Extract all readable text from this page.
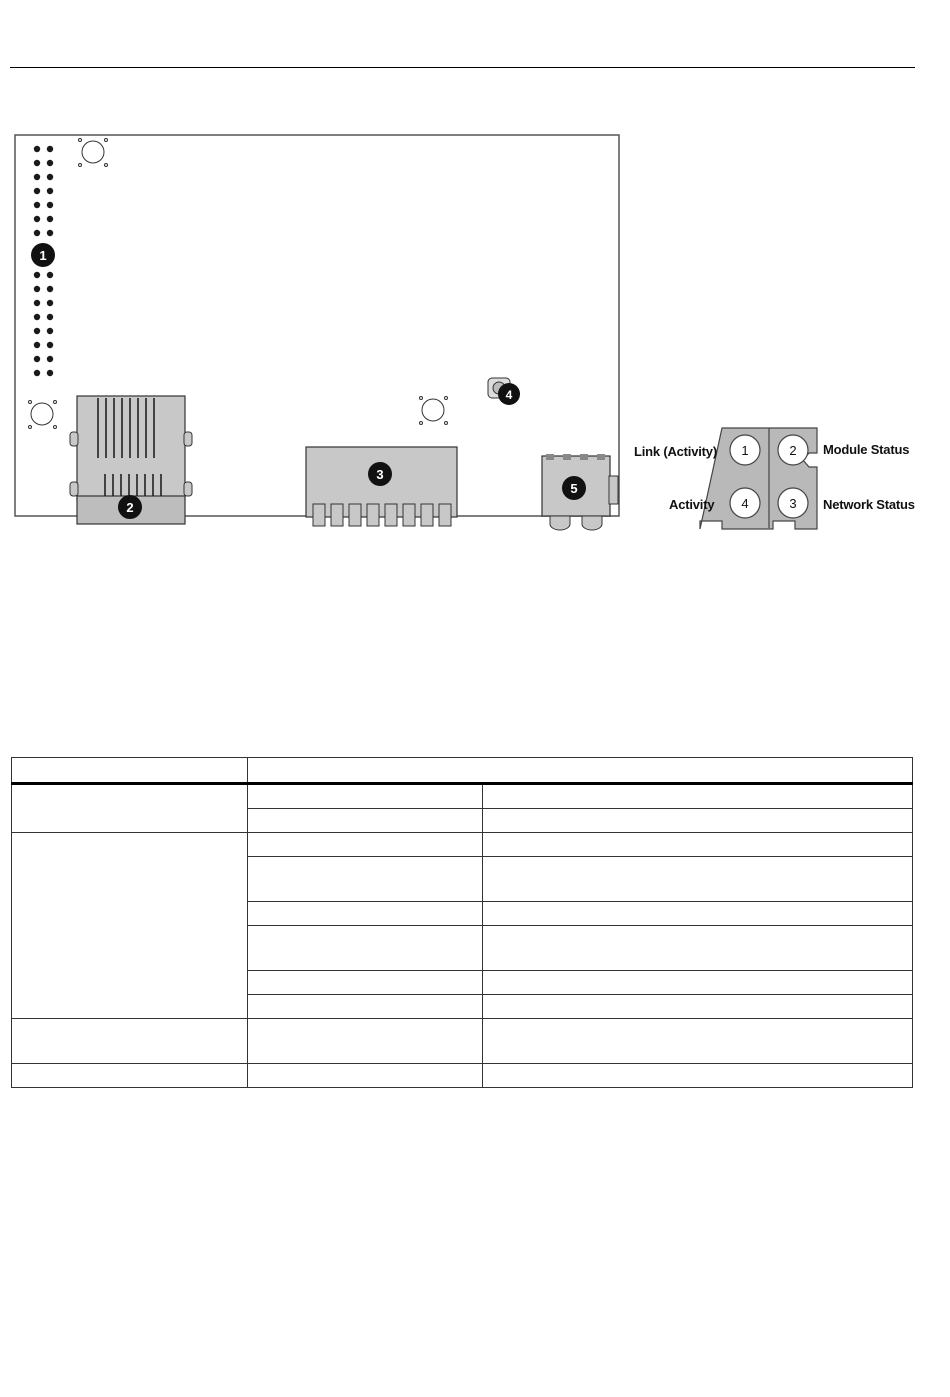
1
2
3
4
5
1	2
4	3
Link (Activity)	Module Status
Activity	Network Status
